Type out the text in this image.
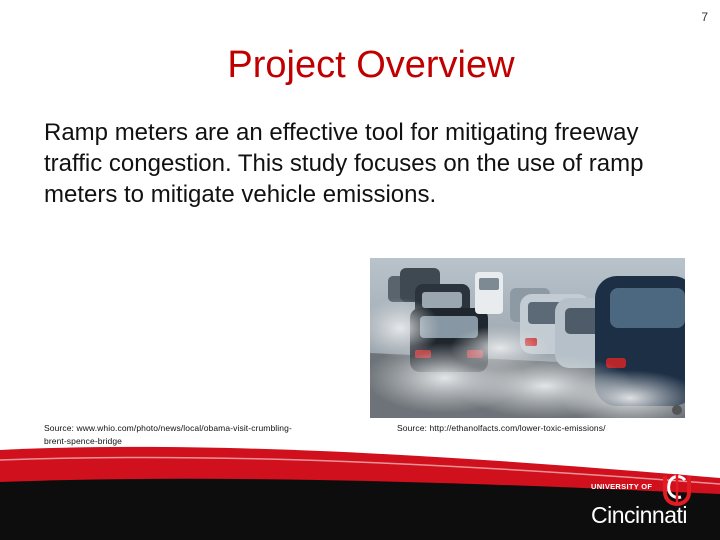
7
Project Overview
Ramp meters are an effective tool for mitigating freeway traffic congestion. This study focuses on the use of ramp meters to mitigate vehicle emissions.
Source: www.whio.com/photo/news/local/obama-visit-crumbling-brent-spence-bridge
Source: http://ethanolfacts.com/lower-toxic-emissions/
UNIVERSITY OF
Cincinnati
